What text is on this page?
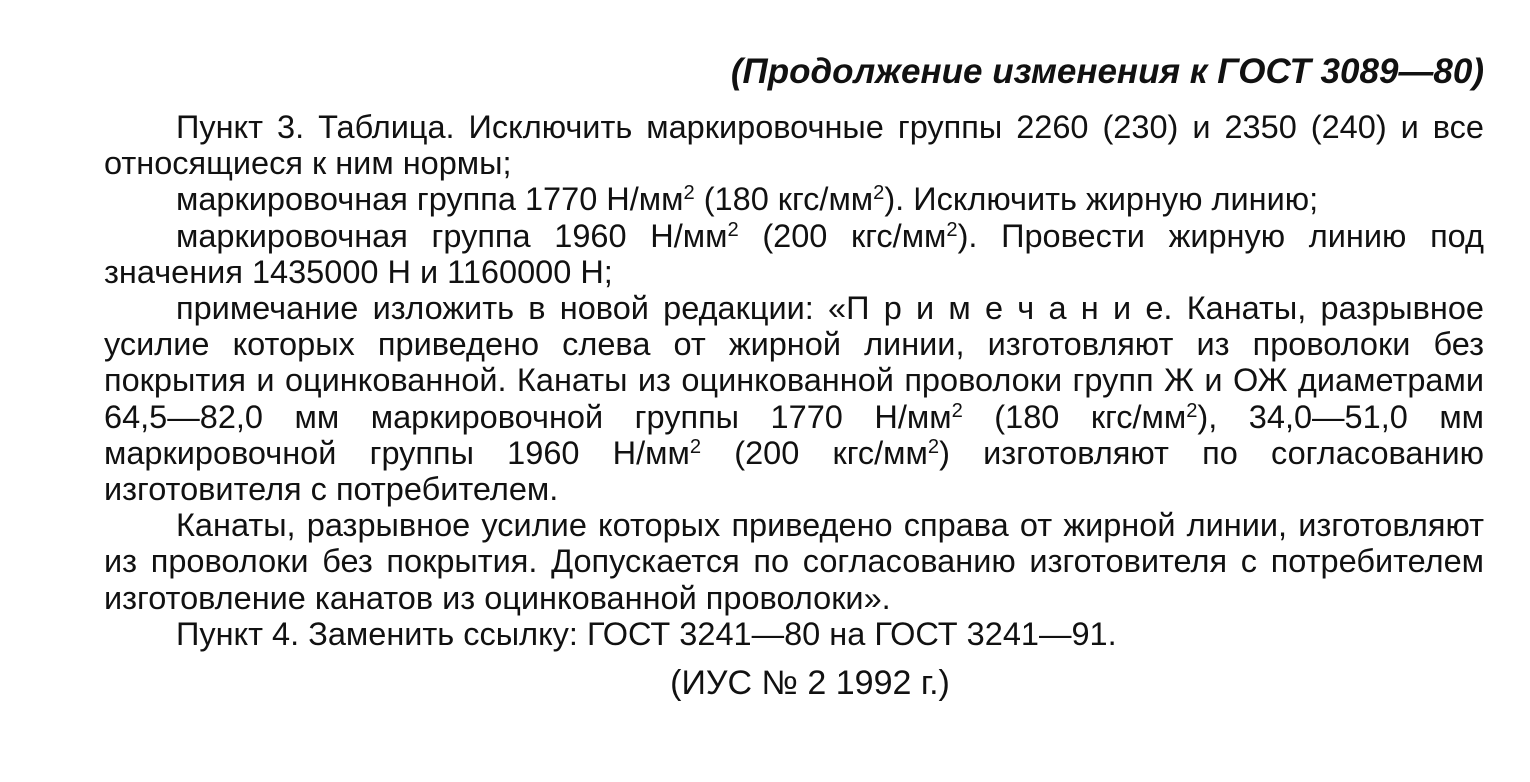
(Продолжение изменения к ГОСТ 3089—80)

Пункт 3. Таблица. Исключить маркировочные группы 2260 (230) и 2350 (240) и все относящиеся к ним нормы;

маркировочная группа 1770 $Н/мм^2$ (180 кгс/$мм^2$). Исключить жирную линию;

маркировочная группа 1960 $Н/мм^2$ (200 кгс/$мм^2$). Провести жирную линию под значения 1435000 Н и 1160000 Н;

примечание изложить в новой редакции: «П р и м е ч а н и е. Канаты, разрывное усилие которых приведено слева от жирной линии, изготовляют из проволоки без покрытия и оцинкованной. Канаты из оцинкованной проволоки групп Ж и ОЖ диаметрами 64,5—82,0 мм маркировочной группы 1770 $Н/мм^2$ (180 кгс/$мм^2$), 34,0—51,0 мм маркировочной группы 1960 $Н/мм^2$ (200 кгс/$мм^2$) изготовляют по согласованию изготовителя с потребителем.

Канаты, разрывное усилие которых приведено справа от жирной линии, изготовляют из проволоки без покрытия. Допускается по согласованию изготовителя с потребителем изготовление канатов из оцинкованной проволоки».

Пункт 4. Заменить ссылку: ГОСТ 3241—80 на ГОСТ 3241—91.

(ИУС № 2 1992 г.)
